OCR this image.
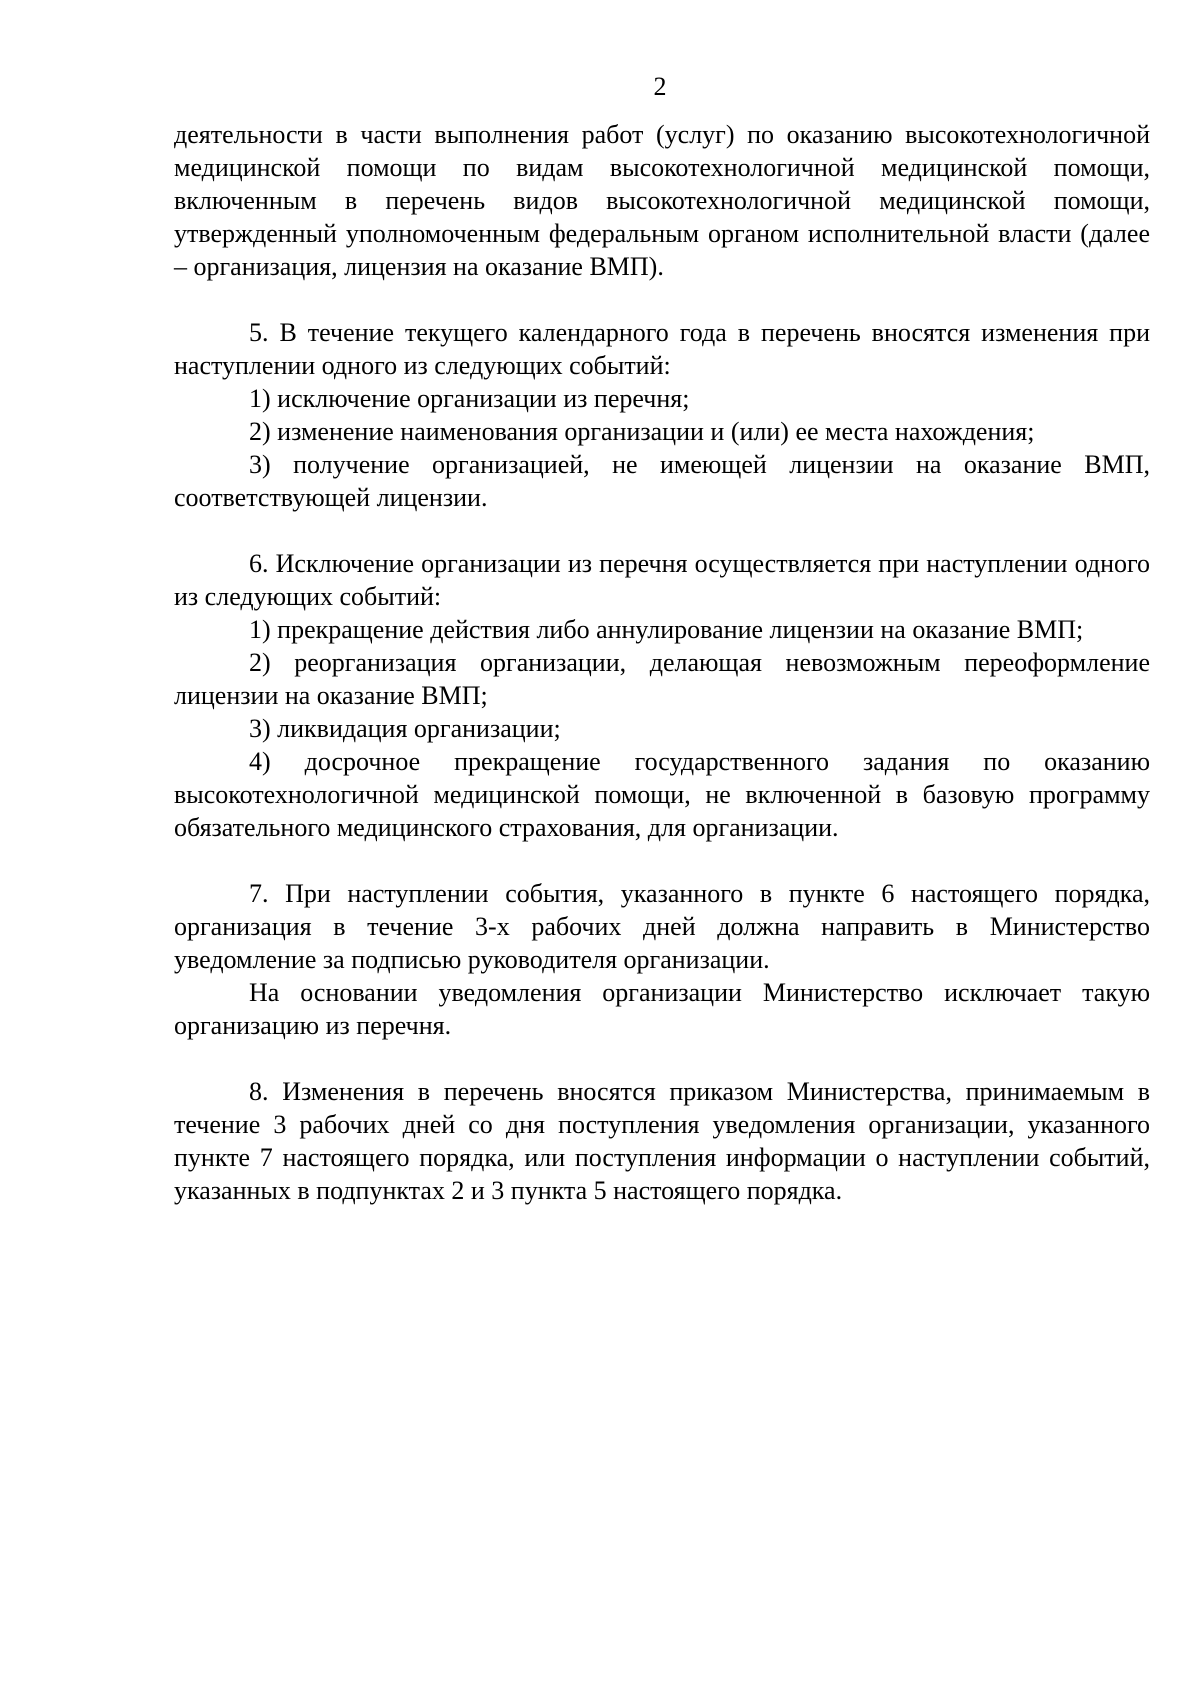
2

деятельности в части выполнения работ (услуг) по оказанию высокотехнологичной медицинской помощи по видам высокотехнологичной медицинской помощи, включенным в перечень видов высокотехнологичной медицинской помощи, утвержденный уполномоченным федеральным органом исполнительной власти (далее – организация, лицензия на оказание ВМП).

5. В течение текущего календарного года в перечень вносятся изменения при наступлении одного из следующих событий:

1) исключение организации из перечня;

2) изменение наименования организации и (или) ее места нахождения;

3) получение организацией, не имеющей лицензии на оказание ВМП, соответствующей лицензии.

6. Исключение организации из перечня осуществляется при наступлении одного из следующих событий:

1) прекращение действия либо аннулирование лицензии на оказание ВМП;

2) реорганизация организации, делающая невозможным переоформление лицензии на оказание ВМП;

3) ликвидация организации;

4) досрочное прекращение государственного задания по оказанию высокотехнологичной медицинской помощи, не включенной в базовую программу обязательного медицинского страхования, для организации.

7. При наступлении события, указанного в пункте 6 настоящего порядка, организация в течение 3-х рабочих дней должна направить в Министерство уведомление за подписью руководителя организации.

На основании уведомления организации Министерство исключает такую организацию из перечня.

8. Изменения в перечень вносятся приказом Министерства, принимаемым в течение 3 рабочих дней со дня поступления уведомления организации, указанного пункте 7 настоящего порядка, или поступления информации о наступлении событий, указанных в подпунктах 2 и 3 пункта 5 настоящего порядка.
